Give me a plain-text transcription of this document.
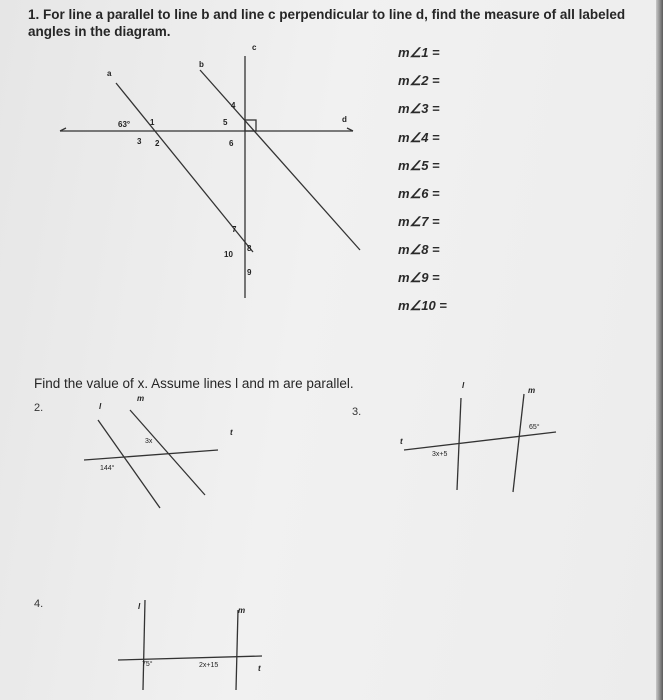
1. For line a parallel to line b and line c perpendicular to line d, find the measure of all labeled
angles in the diagram.
a
b
c
d
63° 1
2
3
4
5
6
7
8
9
10
m∠1 =
m∠2 =
m∠3 =
m∠4 =
m∠5 =
m∠6 =
m∠7 =
m∠8 =
m∠9 =
m∠10 =
Find the value of x. Assume lines l and m are parallel.
2.	l
m
t
3x
144°
3.
l
m
t
65°
3x+5
4.	l	m
t
75°	2x+15
